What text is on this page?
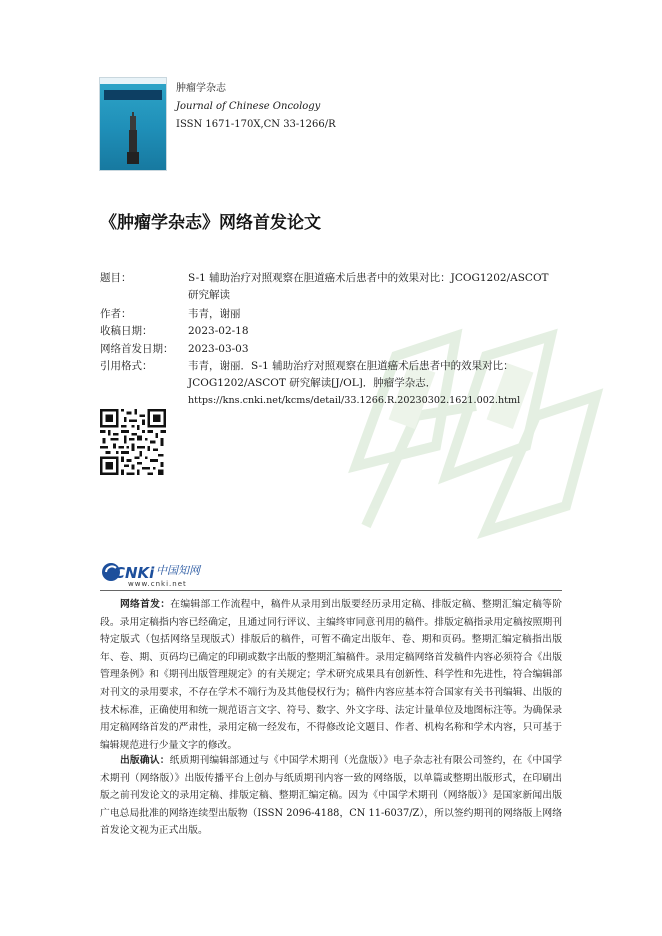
肿瘤学杂志
Journal of Chinese Oncology
ISSN 1671-170X,CN 33-1266/R
《肿瘤学杂志》网络首发论文
题目：	S-1 辅助治疗对照观察在胆道癌术后患者中的效果对比：JCOG1202/ASCOT
研究解读
作者：	韦青，谢丽
收稿日期：	2023-02-18
网络首发日期：	2023-03-03
引用格式：	韦青，谢丽．S-1 辅助治疗对照观察在胆道癌术后患者中的效果对比：
JCOG1202/ASCOT 研究解读[J/OL]．肿瘤学杂志．
https://kns.cnki.net/kcms/detail/33.1266.R.20230302.1621.002.html
CNKi 中国知网
www.cnki.net
网络首发：在编辑部工作流程中，稿件从录用到出版要经历录用定稿、排版定稿、整期汇编定稿等阶段。录用定稿指内容已经确定，且通过同行评议、主编终审同意刊用的稿件。排版定稿指录用定稿按照期刊特定版式（包括网络呈现版式）排版后的稿件，可暂不确定出版年、卷、期和页码。整期汇编定稿指出版年、卷、期、页码均已确定的印刷或数字出版的整期汇编稿件。录用定稿网络首发稿件内容必须符合《出版管理条例》和《期刊出版管理规定》的有关规定；学术研究成果具有创新性、科学性和先进性，符合编辑部对刊文的录用要求，不存在学术不端行为及其他侵权行为；稿件内容应基本符合国家有关书刊编辑、出版的技术标准，正确使用和统一规范语言文字、符号、数字、外文字母、法定计量单位及地图标注等。为确保录用定稿网络首发的严肃性，录用定稿一经发布，不得修改论文题目、作者、机构名称和学术内容，只可基于编辑规范进行少量文字的修改。
出版确认：纸质期刊编辑部通过与《中国学术期刊（光盘版）》电子杂志社有限公司签约，在《中国学术期刊（网络版）》出版传播平台上创办与纸质期刊内容一致的网络版，以单篇或整期出版形式，在印刷出版之前刊发论文的录用定稿、排版定稿、整期汇编定稿。因为《中国学术期刊（网络版）》是国家新闻出版广电总局批准的网络连续型出版物（ISSN 2096-4188，CN 11-6037/Z），所以签约期刊的网络版上网络首发论文视为正式出版。
